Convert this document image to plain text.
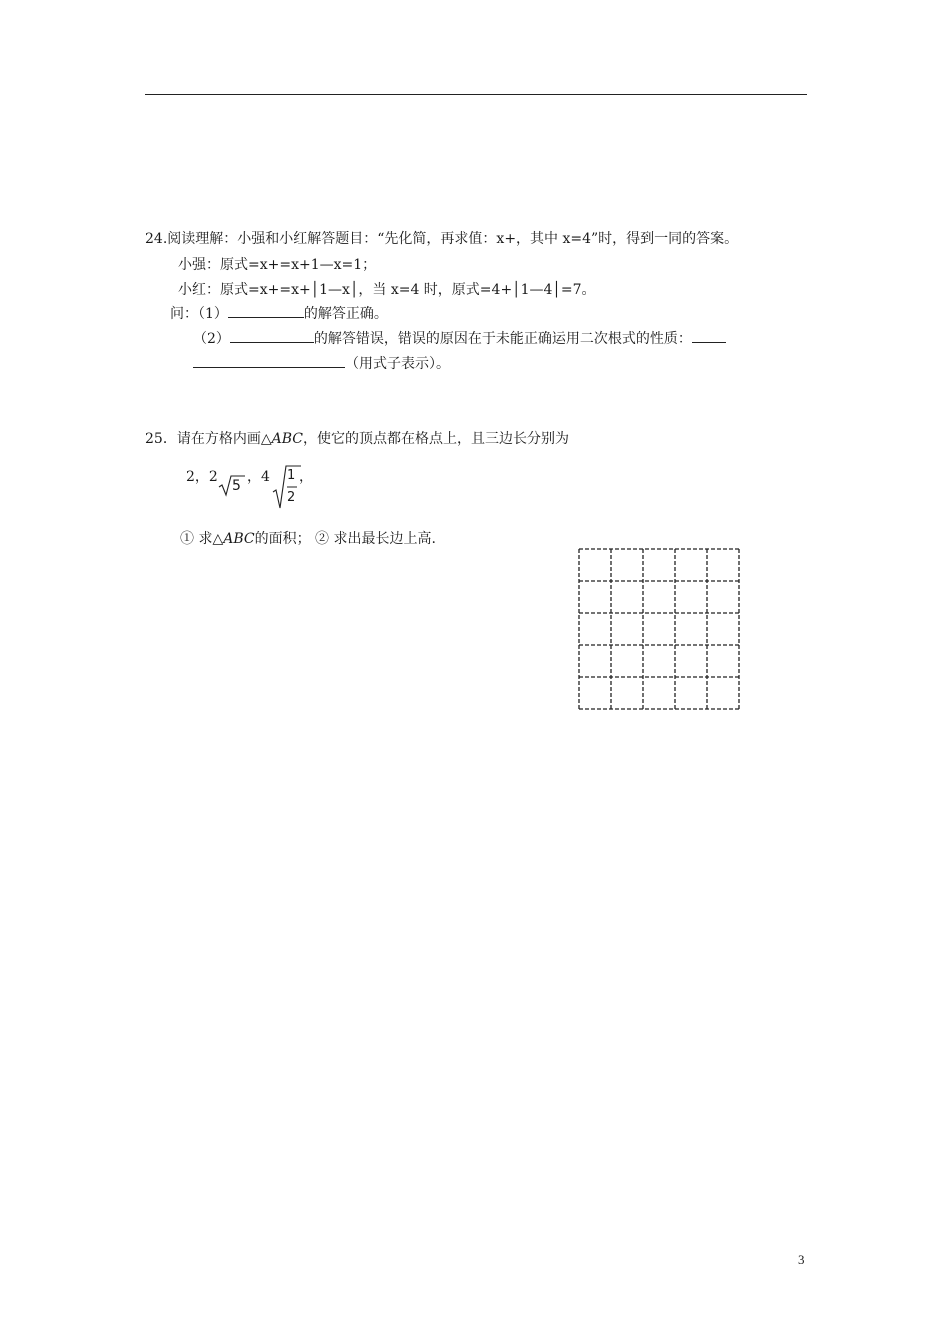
24.阅读理解：小强和小红解答题目：“先化简，再求值：x+，其中 x=4”时，得到一同的答案。
小强：原式=x+=x+1—x=1；
小红：原式=x+=x+│1—x│，当 x=4 时，原式=4+│1—4│=7。
问：（1）	的解答正确。
（2）	的解答错误，错误的原因在于未能正确运用二次根式的性质：
（用式子表示）。
25．请在方格内画△ABC，使它的顶点都在格点上，且三边长分别为
2，2
5
，4 1
2
，
① 求△ABC的面积； ② 求出最长边上高.
3
